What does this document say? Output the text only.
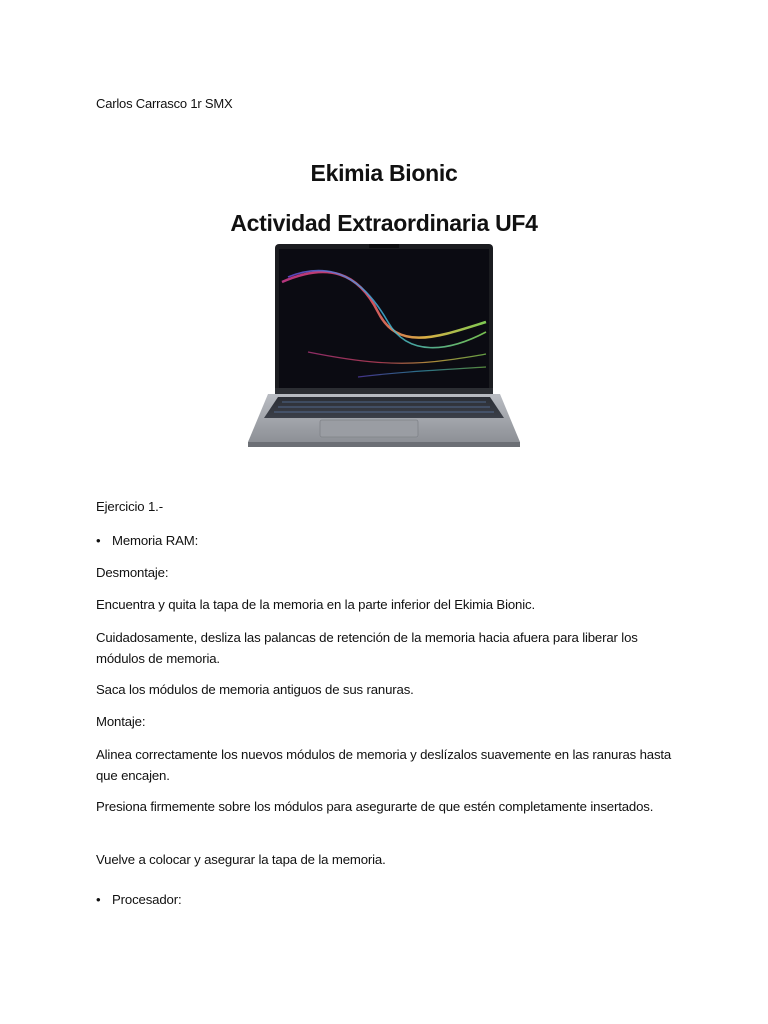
Carlos Carrasco 1r SMX
Ekimia Bionic
Actividad Extraordinaria UF4
Ejercicio 1.-
• Memoria RAM:
Desmontaje:
Encuentra y quita la tapa de la memoria en la parte inferior del Ekimia Bionic.
Cuidadosamente, desliza las palancas de retención de la memoria hacia afuera para liberar los módulos de memoria.
Saca los módulos de memoria antiguos de sus ranuras.
Montaje:
Alinea correctamente los nuevos módulos de memoria y deslízalos suavemente en las ranuras hasta que encajen.
Presiona firmemente sobre los módulos para asegurarte de que estén completamente insertados.
Vuelve a colocar y asegurar la tapa de la memoria.
• Procesador:
